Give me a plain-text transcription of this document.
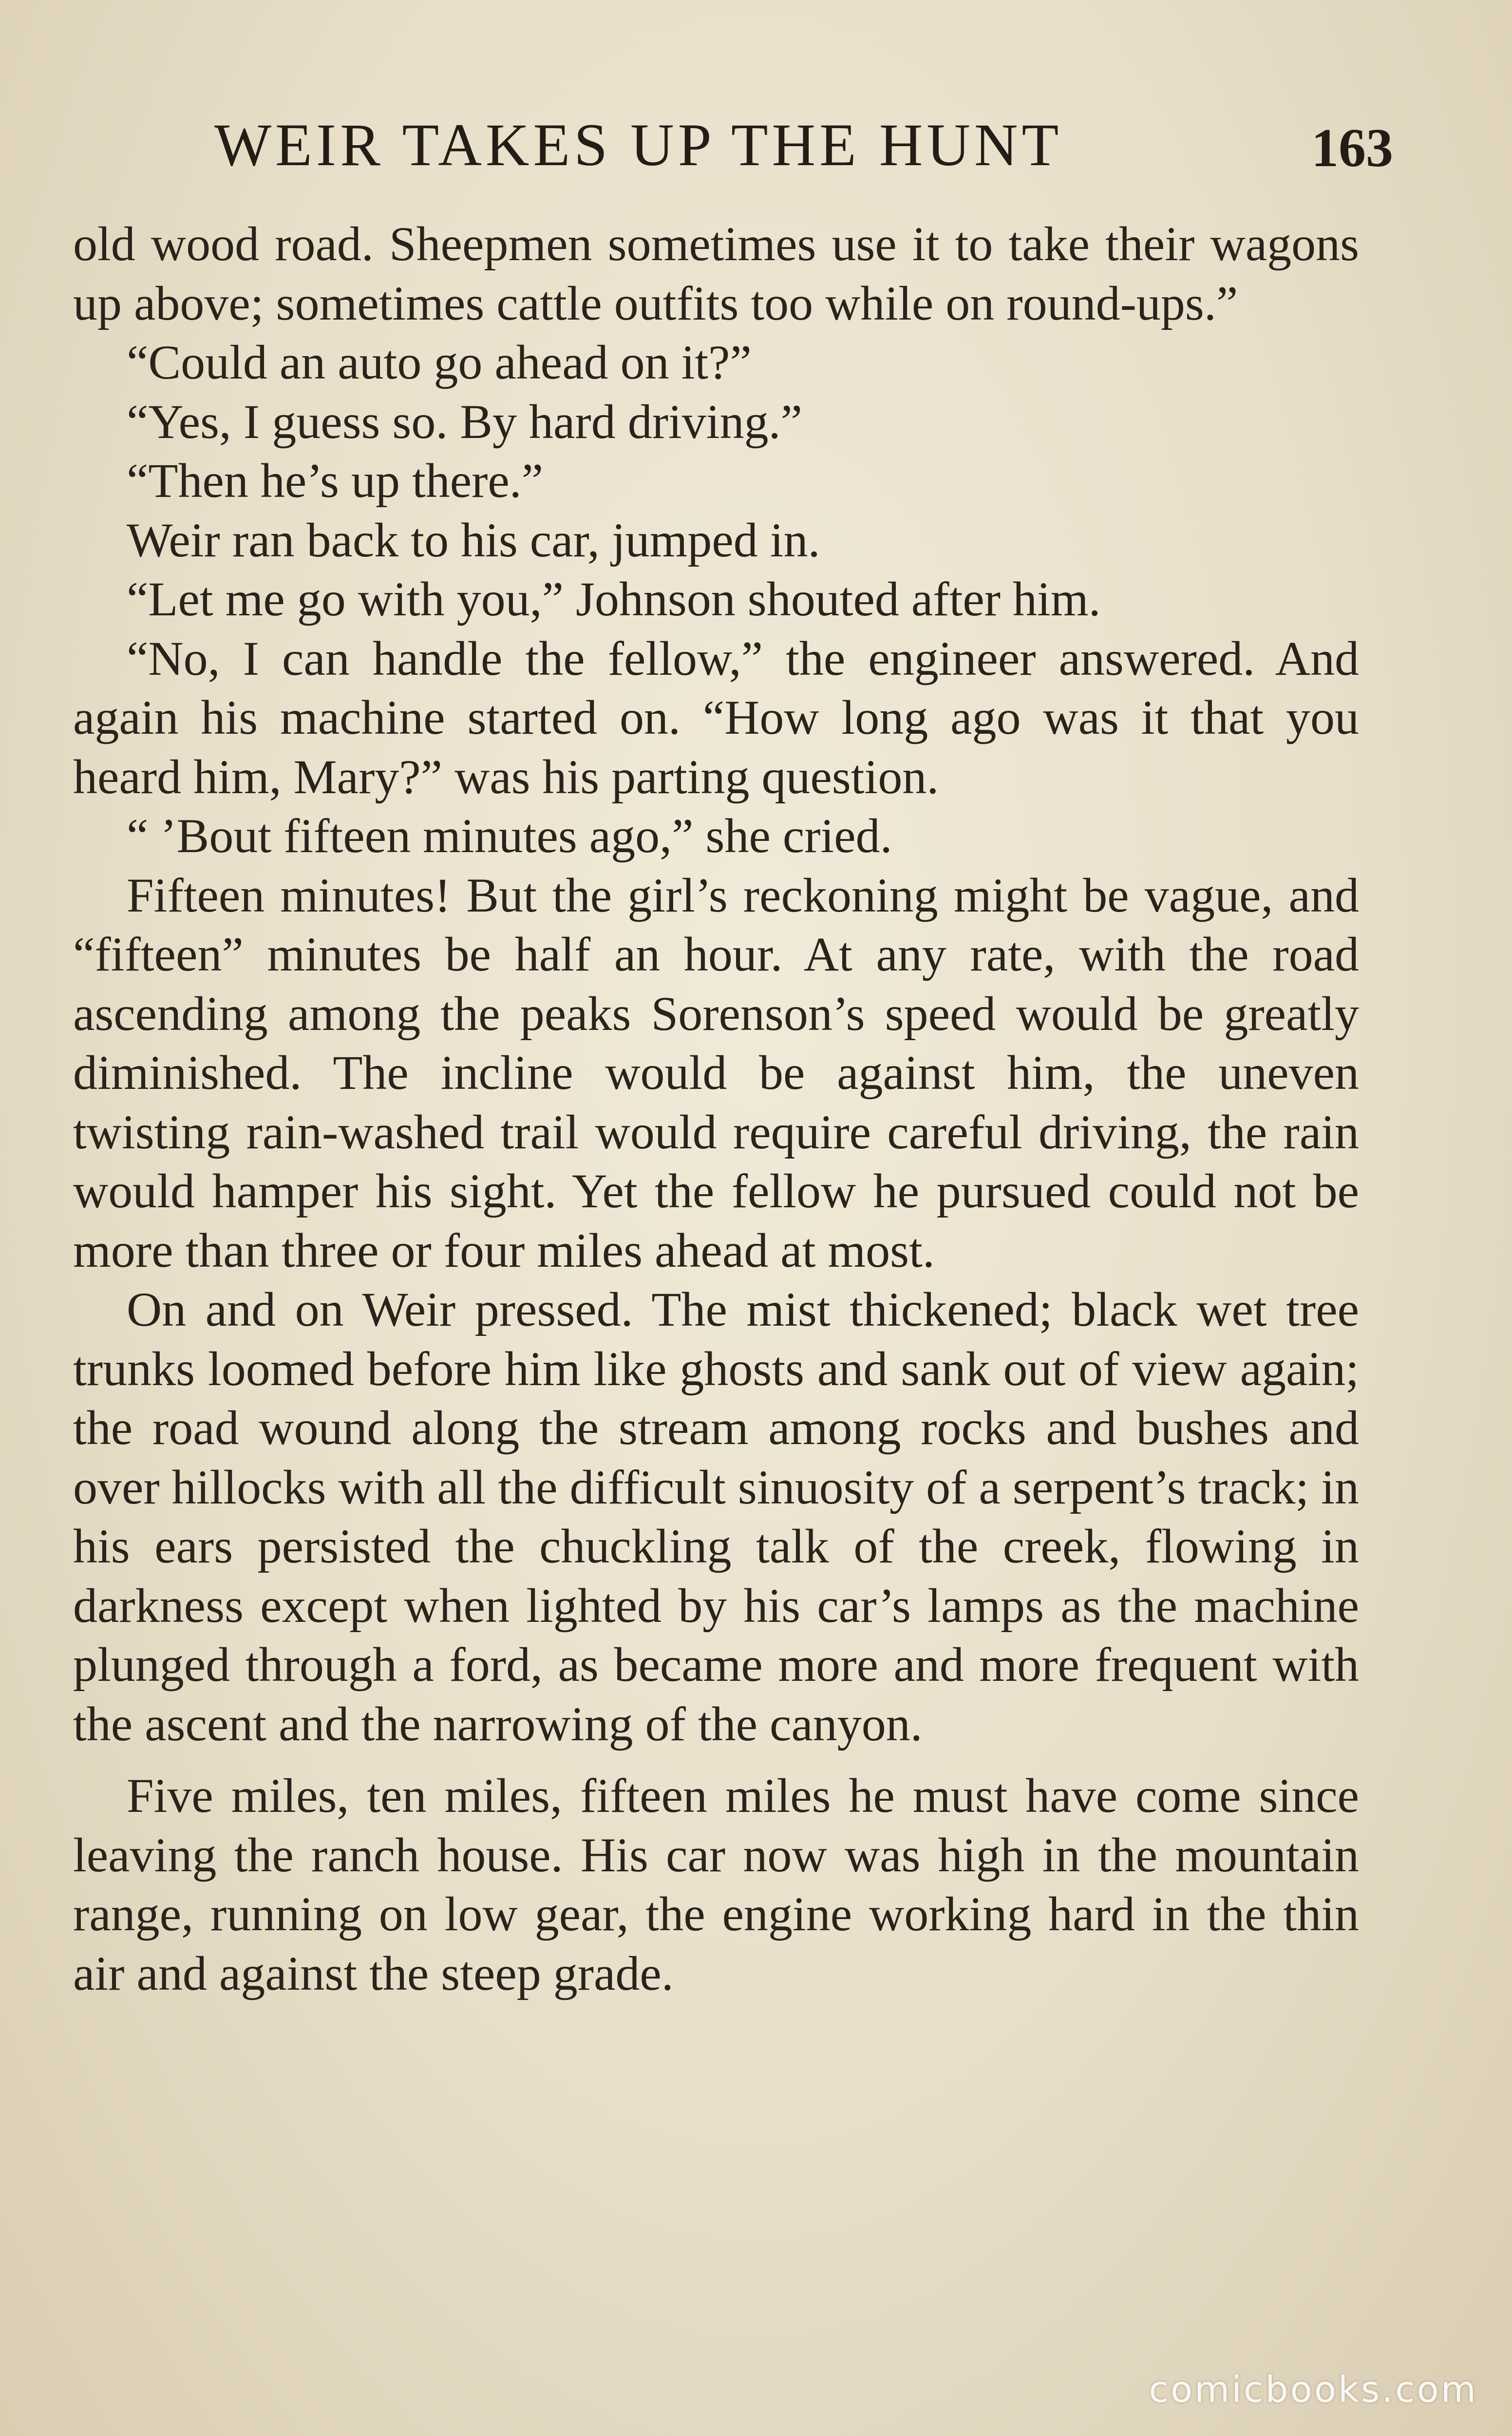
WEIR TAKES UP THE HUNT	163

old wood road. Sheepmen sometimes use it to take their wagons up above; sometimes cattle outfits too while on round-ups.”

“Could an auto go ahead on it?”

“Yes, I guess so. By hard driving.”

“Then he’s up there.”

Weir ran back to his car, jumped in.

“Let me go with you,” Johnson shouted after him.

“No, I can handle the fellow,” the engineer answered. And again his machine started on. “How long ago was it that you heard him, Mary?” was his parting question.

“ ’Bout fifteen minutes ago,” she cried.

Fifteen minutes! But the girl’s reckoning might be vague, and “fifteen” minutes be half an hour. At any rate, with the road ascending among the peaks Sorenson’s speed would be greatly diminished. The incline would be against him, the uneven twisting rain-washed trail would require careful driving, the rain would hamper his sight. Yet the fellow he pursued could not be more than three or four miles ahead at most.

On and on Weir pressed. The mist thickened; black wet tree trunks loomed before him like ghosts and sank out of view again; the road wound along the stream among rocks and bushes and over hillocks with all the difficult sinuosity of a serpent’s track; in his ears persisted the chuckling talk of the creek, flowing in darkness except when lighted by his car’s lamps as the machine plunged through a ford, as became more and more frequent with the ascent and the narrowing of the canyon.

Five miles, ten miles, fifteen miles he must have come since leaving the ranch house. His car now was high in the mountain range, running on low gear, the engine working hard in the thin air and against the steep grade.

comicbooks.com
